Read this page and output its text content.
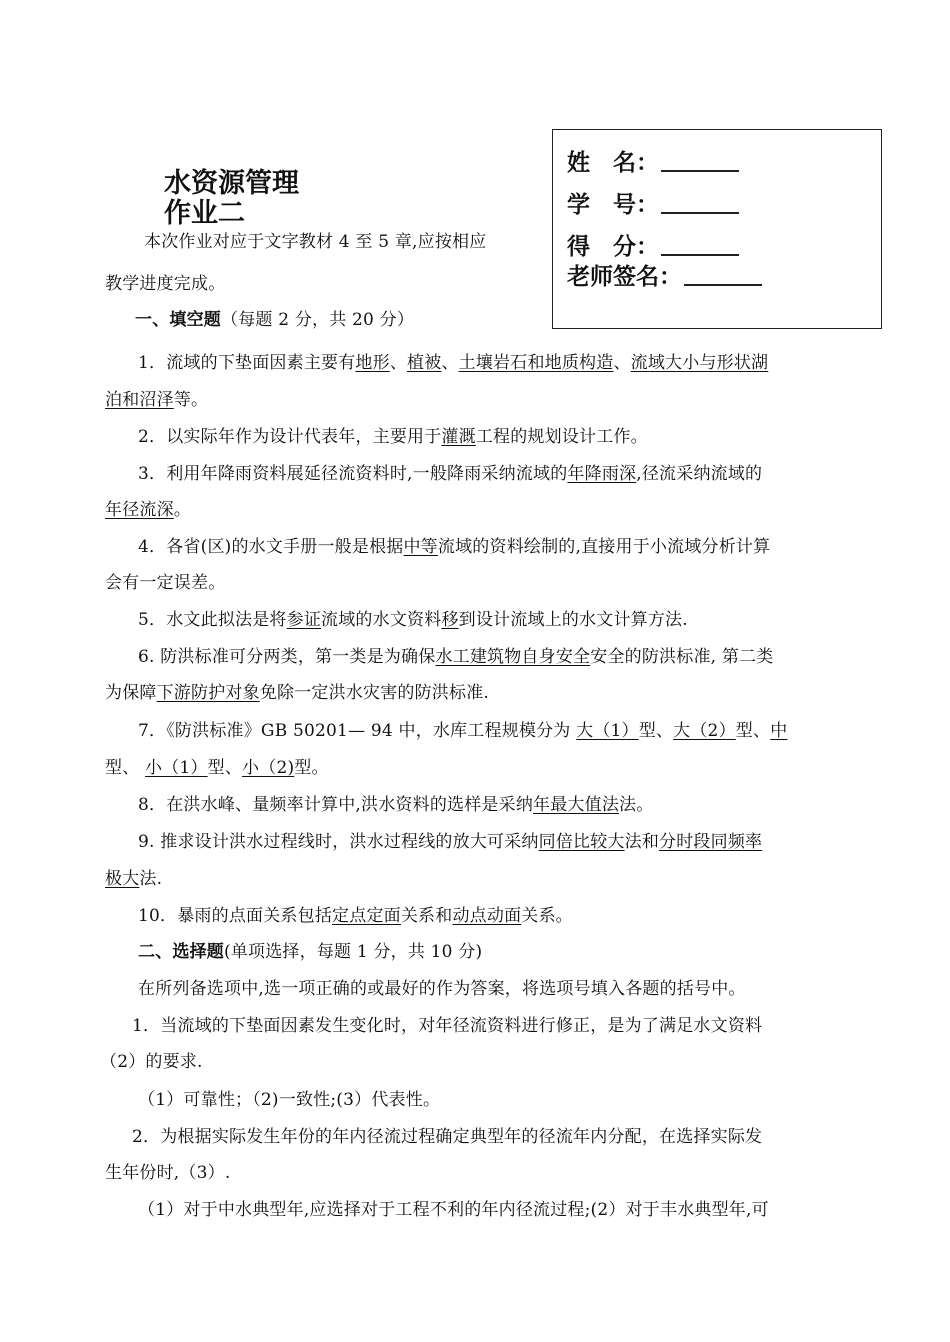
水资源管理
作业二
姓　名：
学　号：
得　分：
老师签名：
本次作业对应于文字教材 4 至 5 章,应按相应
教学进度完成。
一、填空题（每题 2 分，共 20 分）
1．流域的下垫面因素主要有地形、植被、土壤岩石和地质构造、流域大小与形状湖
泊和沼泽等。
2．以实际年作为设计代表年，主要用于灌溉工程的规划设计工作。
3．利用年降雨资料展延径流资料时,一般降雨采纳流域的年降雨深,径流采纳流域的
年径流深。
4．各省(区)的水文手册一般是根据中等流域的资料绘制的,直接用于小流域分析计算
会有一定误差。
5．水文此拟法是将参证流域的水文资料移到设计流域上的水文计算方法.
6. 防洪标准可分两类，第一类是为确保水工建筑物自身安全安全的防洪标准, 第二类
为保障下游防护对象免除一定洪水灾害的防洪标准.
7．《防洪标准》GB 50201— 94 中，水库工程规模分为 大（1）型、大（2）型、中
型、 小（1）型、小（2)型。
8．在洪水峰、量频率计算中,洪水资料的选样是采纳年最大值法法。
9. 推求设计洪水过程线时，洪水过程线的放大可采纳同倍比较大法和分时段同频率
极大法.
10．暴雨的点面关系包括定点定面关系和动点动面关系。
二、选择题(单项选择，每题 1 分，共 10 分)
在所列备选项中,选一项正确的或最好的作为答案，将选项号填入各题的括号中。
1．当流域的下垫面因素发生变化时，对年径流资料进行修正，是为了满足水文资料
（2）的要求.
（1）可靠性；（2)一致性;(3）代表性。
2．为根据实际发生年份的年内径流过程确定典型年的径流年内分配，在选择实际发
生年份时,（3）.
（1）对于中水典型年,应选择对于工程不利的年内径流过程;(2）对于丰水典型年,可
